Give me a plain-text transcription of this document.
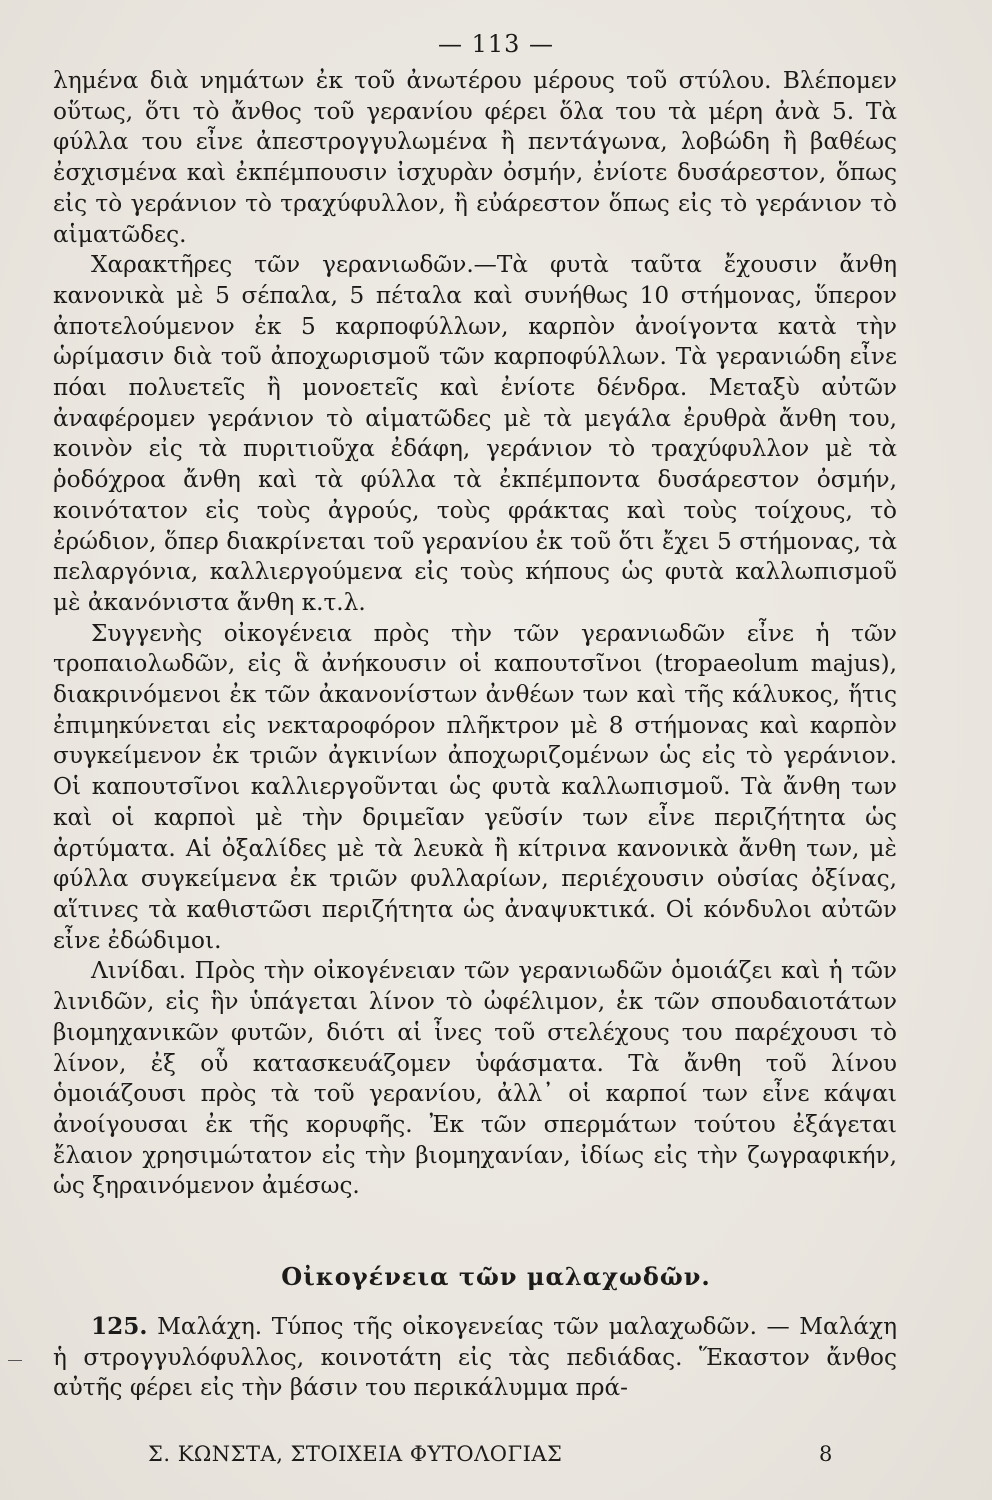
— 113 —

λημένα διὰ νημάτων ἐκ τοῦ ἀνωτέρου μέρους τοῦ στύλου. Βλέπομεν οὕτως, ὅτι τὸ ἄνθος τοῦ γερανίου φέρει ὅλα του τὰ μέρη ἀνὰ 5. Τὰ φύλλα του εἶνε ἀπεστρογγυλωμένα ἢ πεντάγωνα, λοβώδη ἢ βαθέως ἐσχισμένα καὶ ἐκπέμπουσιν ἰσχυρὰν ὀσμήν, ἐνίοτε δυσάρεστον, ὅπως εἰς τὸ γεράνιον τὸ τραχύφυλλον, ἢ εὐάρεστον ὅπως εἰς τὸ γεράνιον τὸ αἱματῶδες.

Χαρακτῆρες τῶν γερανιωδῶν.—Τὰ φυτὰ ταῦτα ἔχουσιν ἄνθη κανονικὰ μὲ 5 σέπαλα, 5 πέταλα καὶ συνήθως 10 στήμονας, ὕπερον ἀποτελούμενον ἐκ 5 καρποφύλλων, καρπὸν ἀνοίγοντα κατὰ τὴν ὡρίμασιν διὰ τοῦ ἀποχωρισμοῦ τῶν καρποφύλλων. Τὰ γερανιώδη εἶνε πόαι πολυετεῖς ἢ μονοετεῖς καὶ ἐνίοτε δένδρα. Μεταξὺ αὐτῶν ἀναφέρομεν γεράνιον τὸ αἱματῶδες μὲ τὰ μεγάλα ἐρυθρὰ ἄνθη του, κοινὸν εἰς τὰ πυριτιοῦχα ἐδάφη, γεράνιον τὸ τραχύφυλλον μὲ τὰ ῥοδόχροα ἄνθη καὶ τὰ φύλλα τὰ ἐκπέμποντα δυσάρεστον ὀσμήν, κοινότατον εἰς τοὺς ἀγρούς, τοὺς φράκτας καὶ τοὺς τοίχους, τὸ ἐρώδιον, ὅπερ διακρίνεται τοῦ γερανίου ἐκ τοῦ ὅτι ἔχει 5 στήμονας, τὰ πελαργόνια, καλλιεργούμενα εἰς τοὺς κήπους ὡς φυτὰ καλλωπισμοῦ μὲ ἀκανόνιστα ἄνθη κ.τ.λ.

Συγγενὴς οἰκογένεια πρὸς τὴν τῶν γερανιωδῶν εἶνε ἡ τῶν τροπαιολωδῶν, εἰς ἃ ἀνήκουσιν οἱ καπουτσῖνοι (tropaeolum majus), διακρινόμενοι ἐκ τῶν ἀκανονίστων ἀνθέων των καὶ τῆς κάλυκος, ἥτις ἐπιμηκύνεται εἰς νεκταροφόρον πλῆκτρον μὲ 8 στήμονας καὶ καρπὸν συγκείμενον ἐκ τριῶν ἀγκινίων ἀποχωριζομένων ὡς εἰς τὸ γεράνιον. Οἱ καπουτσῖνοι καλλιεργοῦνται ὡς φυτὰ καλλωπισμοῦ. Τὰ ἄνθη των καὶ οἱ καρποὶ μὲ τὴν δριμεῖαν γεῦσίν των εἶνε περιζήτητα ὡς ἀρτύματα. Αἱ ὀξαλίδες μὲ τὰ λευκὰ ἢ κίτρινα κανονικὰ ἄνθη των, μὲ φύλλα συγκείμενα ἐκ τριῶν φυλλαρίων, περιέχουσιν οὐσίας ὀξίνας, αἵτινες τὰ καθιστῶσι περιζήτητα ὡς ἀναψυκτικά. Οἱ κόνδυλοι αὐτῶν εἶνε ἐδώδιμοι.

Λινίδαι. Πρὸς τὴν οἰκογένειαν τῶν γερανιωδῶν ὁμοιάζει καὶ ἡ τῶν λινιδῶν, εἰς ἣν ὑπάγεται λίνον τὸ ὠφέλιμον, ἐκ τῶν σπουδαιοτάτων βιομηχανικῶν φυτῶν, διότι αἱ ἶνες τοῦ στελέχους του παρέχουσι τὸ λίνον, ἐξ οὗ κατασκευάζομεν ὑφάσματα. Τὰ ἄνθη τοῦ λίνου ὁμοιάζουσι πρὸς τὰ τοῦ γερανίου, ἀλλ᾽ οἱ καρποί των εἶνε κάψαι ἀνοίγουσαι ἐκ τῆς κορυφῆς. Ἐκ τῶν σπερμάτων τούτου ἐξάγεται ἔλαιον χρησιμώτατον εἰς τὴν βιομηχανίαν, ἰδίως εἰς τὴν ζωγραφικήν, ὡς ξηραινόμενον ἀμέσως.

Οἰκογένεια τῶν μαλαχωδῶν.

125. Μαλάχη. Τύπος τῆς οἰκογενείας τῶν μαλαχωδῶν. — Μαλάχη ἡ στρογγυλόφυλλος, κοινοτάτη εἰς τὰς πεδιάδας. Ἕκαστον ἄνθος αὐτῆς φέρει εἰς τὴν βάσιν του περικάλυμμα πρά-

Σ. ΚΩΝΣΤΑ, ΣΤΟΙΧΕΙΑ ΦΥΤΟΛΟΓΙΑΣ	8
